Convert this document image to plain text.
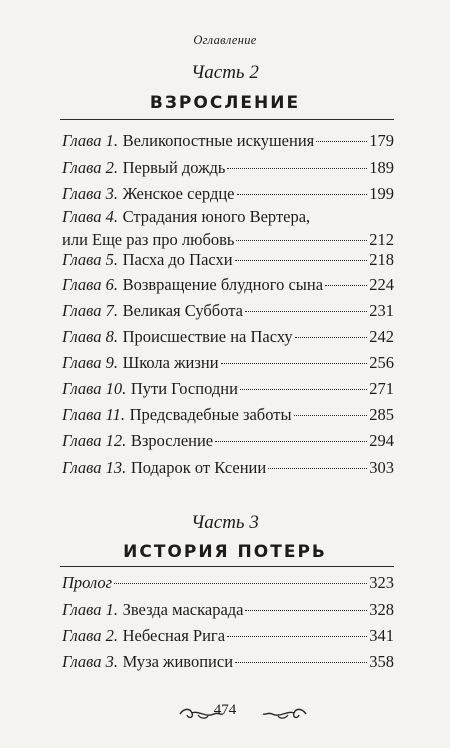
Оглавление
Часть 2
ВЗРОСЛЕНИЕ
Глава 1. Великопостные искушения	179
Глава 2. Первый дождь	189
Глава 3. Женское сердце	199
Глава 4. Страдания юного Вертера,
или Еще раз про любовь	212
Глава 5. Пасха до Пасхи	218
Глава 6. Возвращение блудного сына	224
Глава 7. Великая Суббота	231
Глава 8. Происшествие на Пасху	242
Глава 9. Школа жизни	256
Глава 10. Пути Господни	271
Глава 11. Предсвадебные заботы	285
Глава 12. Взросление	294
Глава 13. Подарок от Ксении	303
Часть 3
ИСТОРИЯ ПОТЕРЬ
Пролог	323
Глава 1. Звезда маскарада	328
Глава 2. Небесная Рига	341
Глава 3. Муза живописи	358
474
